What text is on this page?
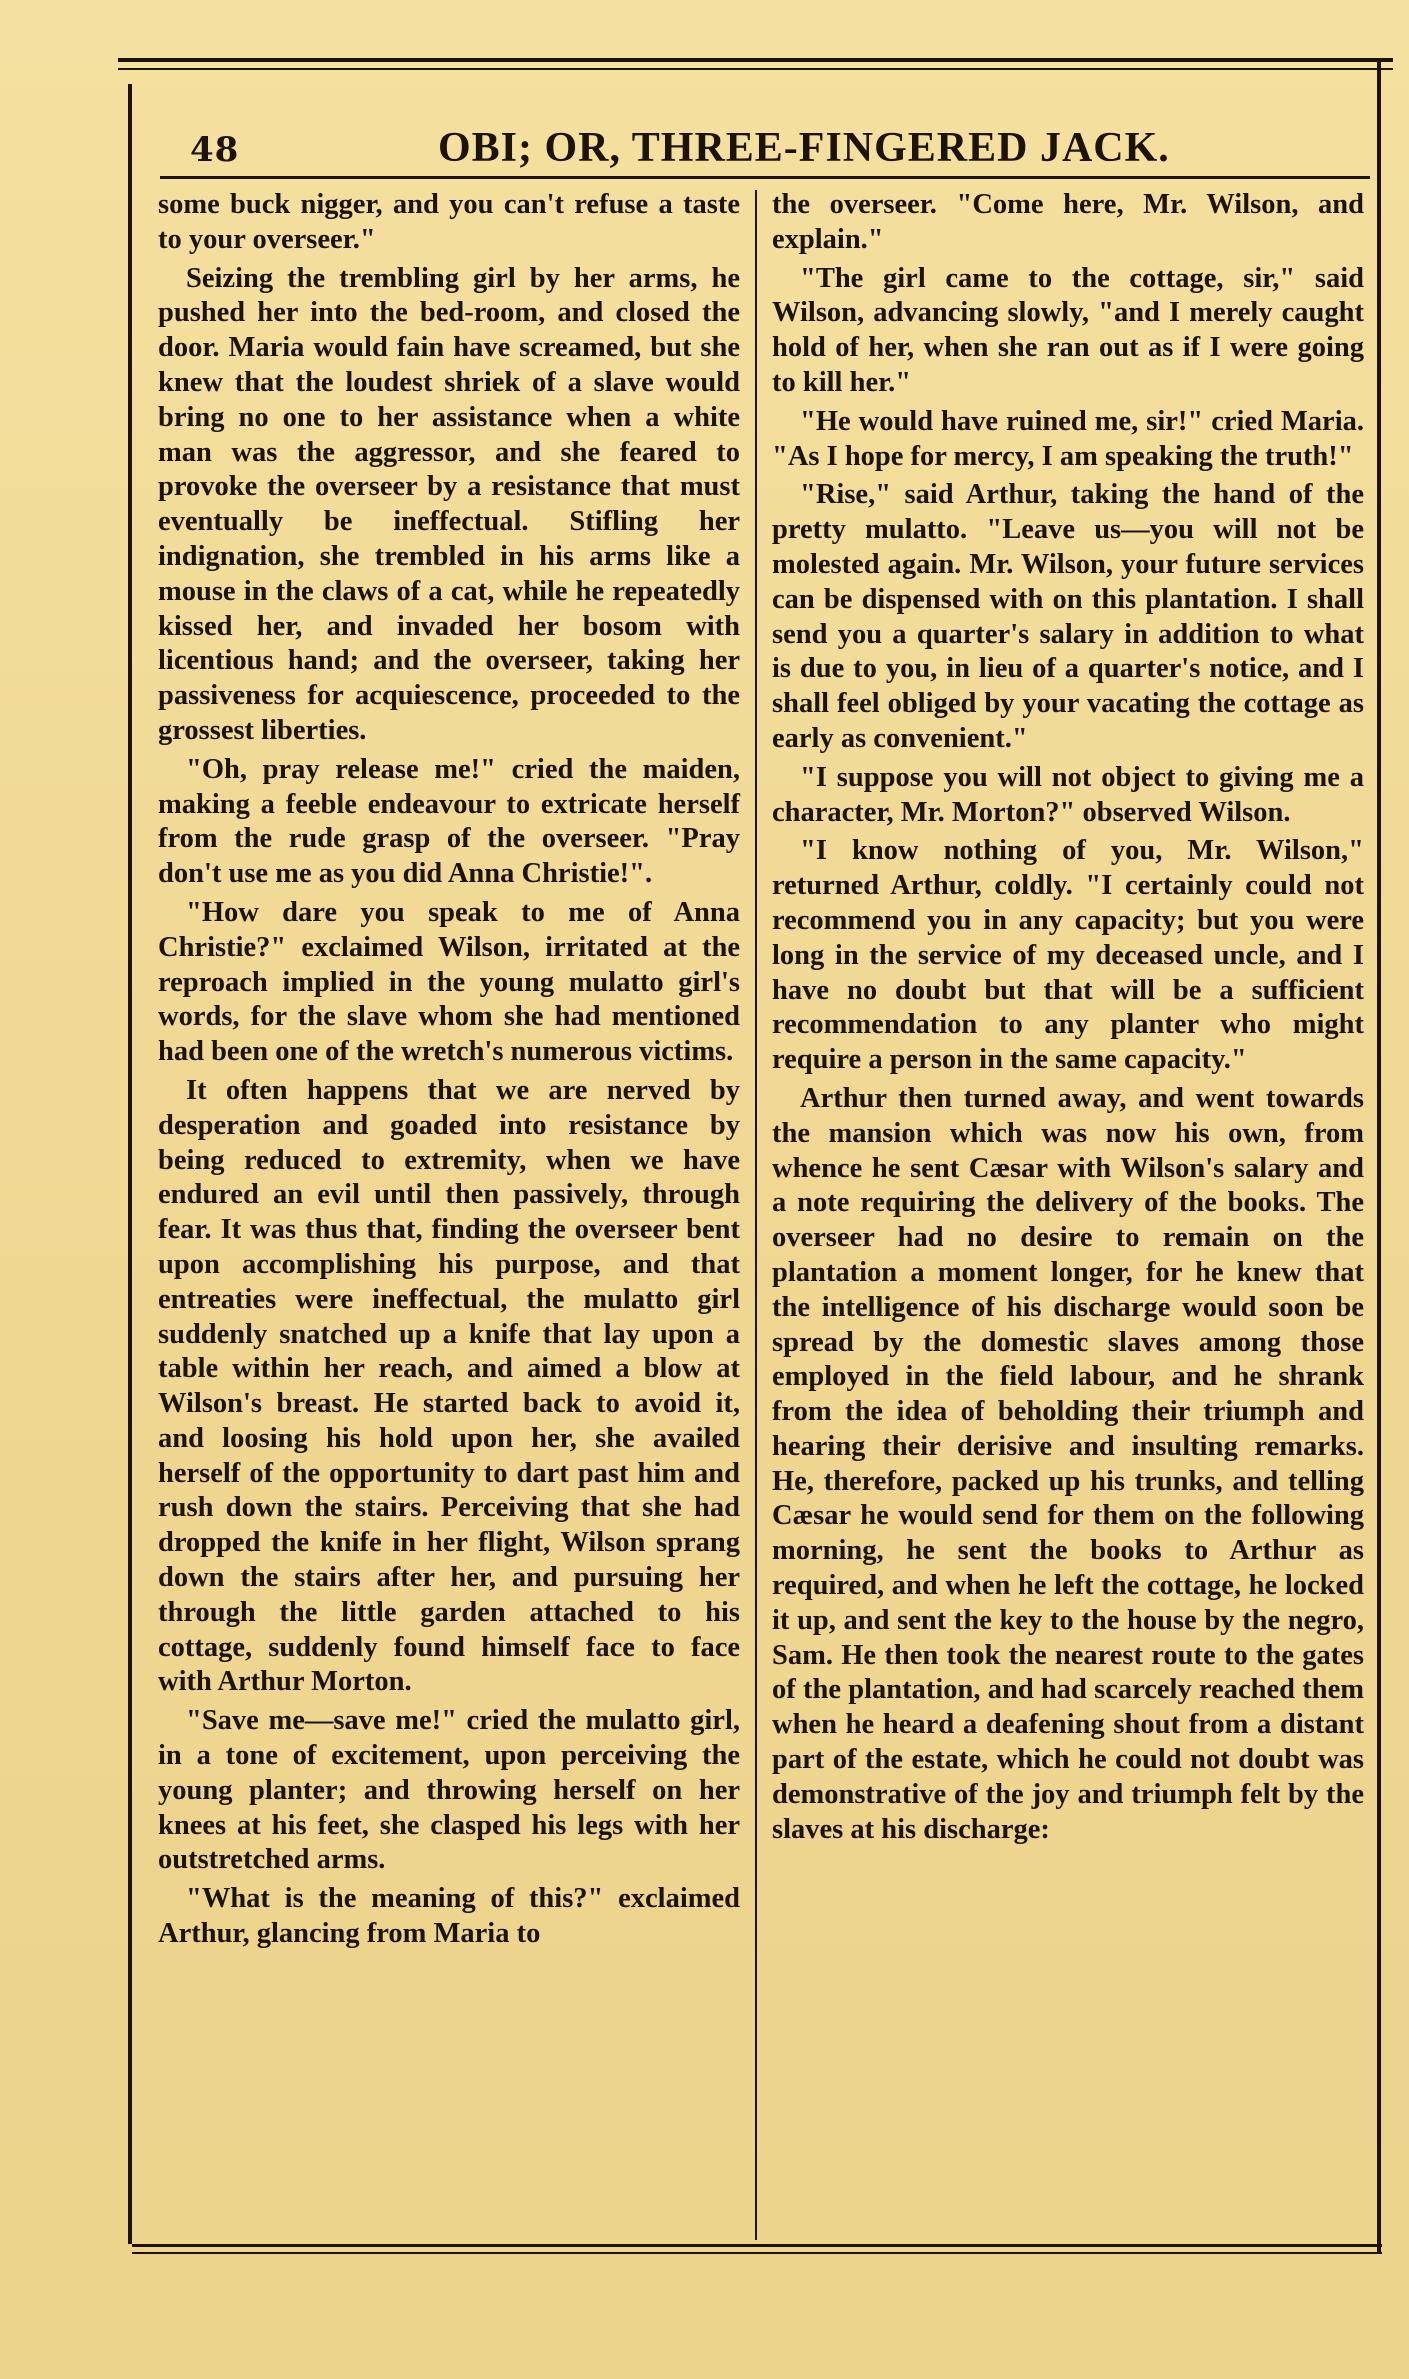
48	OBI; OR, THREE-FINGERED JACK.

some buck nigger, and you can't refuse a taste to your overseer."

Seizing the trembling girl by her arms, he pushed her into the bed-room, and closed the door. Maria would fain have screamed, but she knew that the loudest shriek of a slave would bring no one to her assistance when a white man was the aggressor, and she feared to provoke the overseer by a resistance that must eventually be ineffectual. Stifling her indignation, she trembled in his arms like a mouse in the claws of a cat, while he repeatedly kissed her, and invaded her bosom with licentious hand; and the overseer, taking her passiveness for acquiescence, proceeded to the grossest liberties.

"Oh, pray release me!" cried the maiden, making a feeble endeavour to extricate herself from the rude grasp of the overseer. "Pray don't use me as you did Anna Christie!".

"How dare you speak to me of Anna Christie?" exclaimed Wilson, irritated at the reproach implied in the young mulatto girl's words, for the slave whom she had mentioned had been one of the wretch's numerous victims.

It often happens that we are nerved by desperation and goaded into resistance by being reduced to extremity, when we have endured an evil until then passively, through fear. It was thus that, finding the overseer bent upon accomplishing his purpose, and that entreaties were ineffectual, the mulatto girl suddenly snatched up a knife that lay upon a table within her reach, and aimed a blow at Wilson's breast. He started back to avoid it, and loosing his hold upon her, she availed herself of the opportunity to dart past him and rush down the stairs. Perceiving that she had dropped the knife in her flight, Wilson sprang down the stairs after her, and pursuing her through the little garden attached to his cottage, suddenly found himself face to face with Arthur Morton.

"Save me—save me!" cried the mulatto girl, in a tone of excitement, upon perceiving the young planter; and throwing herself on her knees at his feet, she clasped his legs with her outstretched arms.

"What is the meaning of this?" exclaimed Arthur, glancing from Maria to

the overseer. "Come here, Mr. Wilson, and explain."

"The girl came to the cottage, sir," said Wilson, advancing slowly, "and I merely caught hold of her, when she ran out as if I were going to kill her."

"He would have ruined me, sir!" cried Maria. "As I hope for mercy, I am speaking the truth!"

"Rise," said Arthur, taking the hand of the pretty mulatto. "Leave us—you will not be molested again. Mr. Wilson, your future services can be dispensed with on this plantation. I shall send you a quarter's salary in addition to what is due to you, in lieu of a quarter's notice, and I shall feel obliged by your vacating the cottage as early as convenient."

"I suppose you will not object to giving me a character, Mr. Morton?" observed Wilson.

"I know nothing of you, Mr. Wilson," returned Arthur, coldly. "I certainly could not recommend you in any capacity; but you were long in the service of my deceased uncle, and I have no doubt but that will be a sufficient recommendation to any planter who might require a person in the same capacity."

Arthur then turned away, and went towards the mansion which was now his own, from whence he sent Cæsar with Wilson's salary and a note requiring the delivery of the books. The overseer had no desire to remain on the plantation a moment longer, for he knew that the intelligence of his discharge would soon be spread by the domestic slaves among those employed in the field labour, and he shrank from the idea of beholding their triumph and hearing their derisive and insulting remarks. He, therefore, packed up his trunks, and telling Cæsar he would send for them on the following morning, he sent the books to Arthur as required, and when he left the cottage, he locked it up, and sent the key to the house by the negro, Sam. He then took the nearest route to the gates of the plantation, and had scarcely reached them when he heard a deafening shout from a distant part of the estate, which he could not doubt was demonstrative of the joy and triumph felt by the slaves at his discharge:
